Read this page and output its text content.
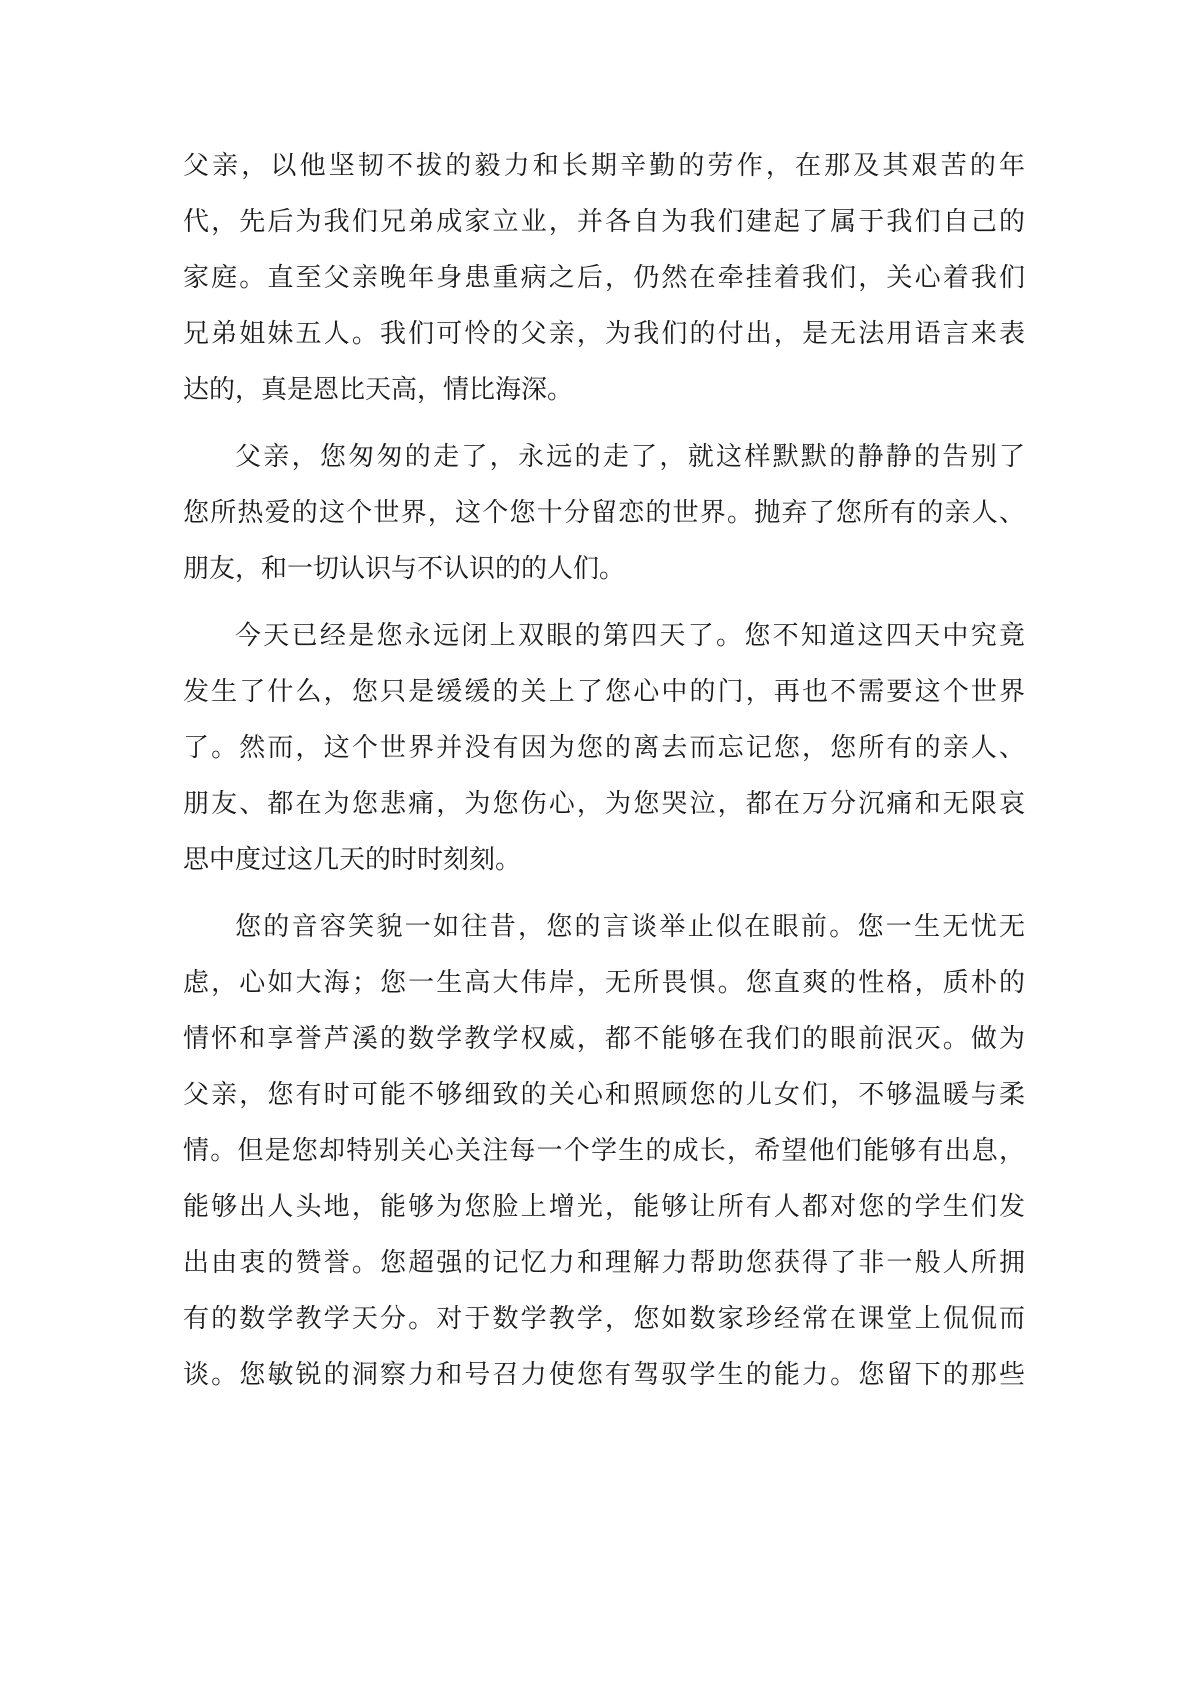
父亲，以他坚韧不拔的毅力和长期辛勤的劳作，在那及其艰苦的年

代，先后为我们兄弟成家立业，并各自为我们建起了属于我们自己的

家庭。直至父亲晚年身患重病之后，仍然在牵挂着我们，关心着我们

兄弟姐妹五人。我们可怜的父亲，为我们的付出，是无法用语言来表

达的，真是恩比天高，情比海深。

父亲，您匆匆的走了，永远的走了，就这样默默的静静的告别了

您所热爱的这个世界，这个您十分留恋的世界。抛弃了您所有的亲人、

朋友，和一切认识与不认识的的人们。

今天已经是您永远闭上双眼的第四天了。您不知道这四天中究竟

发生了什么，您只是缓缓的关上了您心中的门，再也不需要这个世界

了。然而，这个世界并没有因为您的离去而忘记您，您所有的亲人、

朋友、都在为您悲痛，为您伤心，为您哭泣，都在万分沉痛和无限哀

思中度过这几天的时时刻刻。

您的音容笑貌一如往昔，您的言谈举止似在眼前。您一生无忧无

虑，心如大海；您一生高大伟岸，无所畏惧。您直爽的性格，质朴的

情怀和享誉芦溪的数学教学权威，都不能够在我们的眼前泯灭。做为

父亲，您有时可能不够细致的关心和照顾您的儿女们，不够温暖与柔

情。但是您却特别关心关注每一个学生的成长，希望他们能够有出息，

能够出人头地，能够为您脸上增光，能够让所有人都对您的学生们发

出由衷的赞誉。您超强的记忆力和理解力帮助您获得了非一般人所拥

有的数学教学天分。对于数学教学，您如数家珍经常在课堂上侃侃而

谈。您敏锐的洞察力和号召力使您有驾驭学生的能力。您留下的那些
